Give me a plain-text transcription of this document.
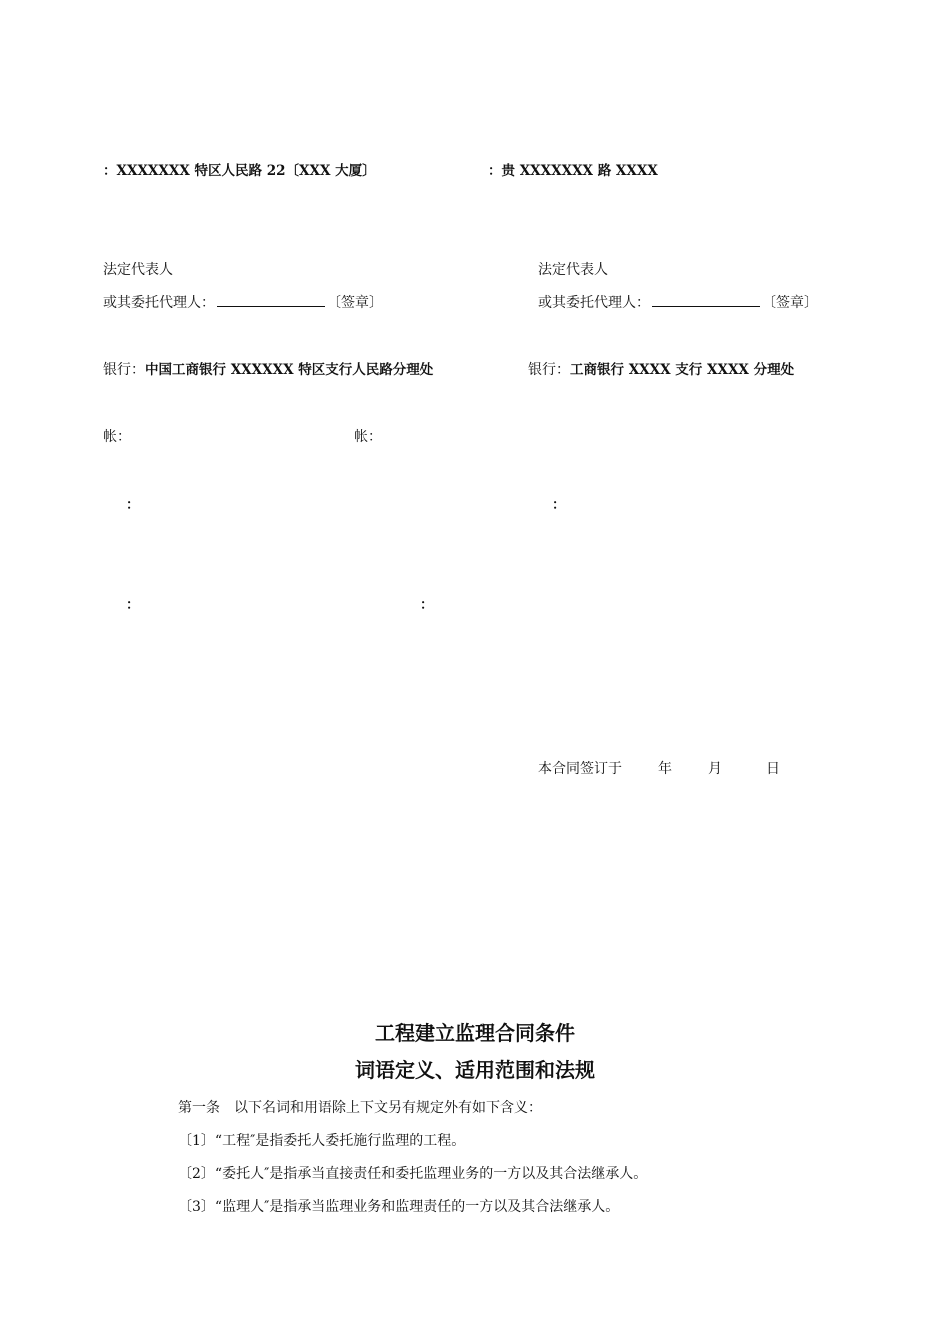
：XXXXXXX 特区人民路 22〔XXX 大厦〕	：贵 XXXXXXX 路 XXXX
法定代表人	法定代表人
或其委托代理人：	〔签章〕	或其委托代理人：	〔签章〕
银行：中国工商银行 XXXXXX 特区支行人民路分理处	银行：工商银行 XXXX 支行 XXXX 分理处
帐：	帐：
：	：
：	：
本合同签订于	年	月	日
工程建立监理合同条件
词语定义、适用范围和法规
第一条　以下名词和用语除上下文另有规定外有如下含义：
〔1〕“工程″是指委托人委托施行监理的工程。
〔2〕“委托人″是指承当直接责任和委托监理业务的一方以及其合法继承人。
〔3〕“监理人″是指承当监理业务和监理责任的一方以及其合法继承人。
